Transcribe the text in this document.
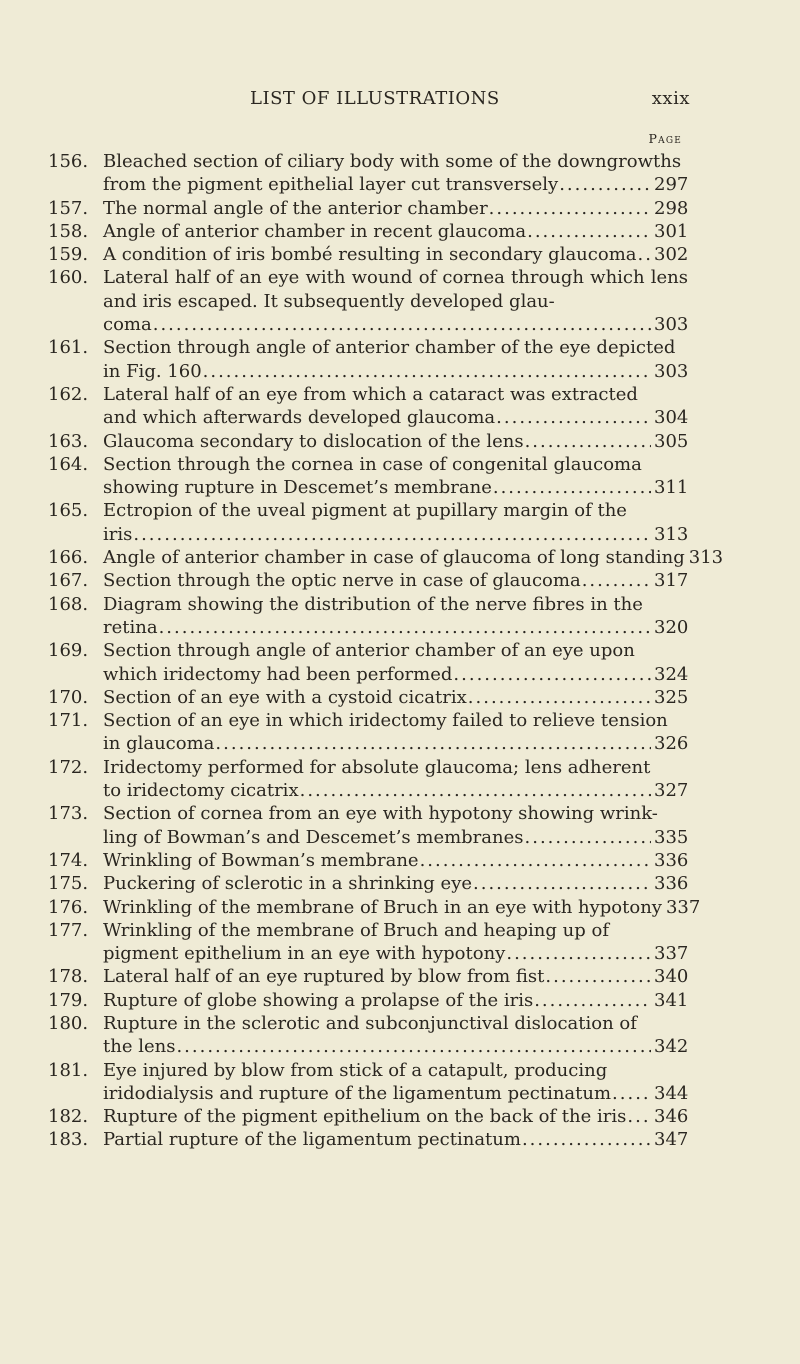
LIST OF ILLUSTRATIONS	xxix
Page
156. Bleached section of ciliary body with some of the downgrowths
from the pigment epithelial layer cut transversely .....	297
157. The normal angle of the anterior chamber .....	298
158. Angle of anterior chamber in recent glaucoma .....	301
159. A condition of iris bombé resulting in secondary glaucoma ..... 302
160. Lateral half of an eye with wound of cornea through which lens and iris escaped. It subsequently developed glau-
coma .....	303
161. Section through angle of anterior chamber of the eye depicted
in Fig. 160 .....	303
162. Lateral half of an eye from which a cataract was extracted
and which afterwards developed glaucoma .....	304
163. Glaucoma secondary to dislocation of the lens .....	305
164. Section through the cornea in case of congenital glaucoma
showing rupture in Descemet’s membrane .....	311
165. Ectropion of the uveal pigment at pupillary margin of the
iris .....	313
166. Angle of anterior chamber in case of glaucoma of long standing 313
167. Section through the optic nerve in case of glaucoma .....	317
168. Diagram showing the distribution of the nerve fibres in the
retina .....	320
169. Section through angle of anterior chamber of an eye upon
which iridectomy had been performed .....	324
170. Section of an eye with a cystoid cicatrix .....	325
171. Section of an eye in which iridectomy failed to relieve tension
in glaucoma .....	326
172. Iridectomy performed for absolute glaucoma; lens adherent
to iridectomy cicatrix .....	327
173. Section of cornea from an eye with hypotony showing wrink-
ling of Bowman’s and Descemet’s membranes .....	335
174. Wrinkling of Bowman’s membrane .....	336
175. Puckering of sclerotic in a shrinking eye .....	336
176. Wrinkling of the membrane of Bruch in an eye with hypotony 337
177. Wrinkling of the membrane of Bruch and heaping up of
pigment epithelium in an eye with hypotony .....	337
178. Lateral half of an eye ruptured by blow from fist .....	340
179. Rupture of globe showing a prolapse of the iris .....	341
180. Rupture in the sclerotic and subconjunctival dislocation of
the lens .....	342
181. Eye injured by blow from stick of a catapult, producing
iridodialysis and rupture of the ligamentum pectinatum ..... 344
182. Rupture of the pigment epithelium on the back of the iris ..... 346
183. Partial rupture of the ligamentum pectinatum .....	347
